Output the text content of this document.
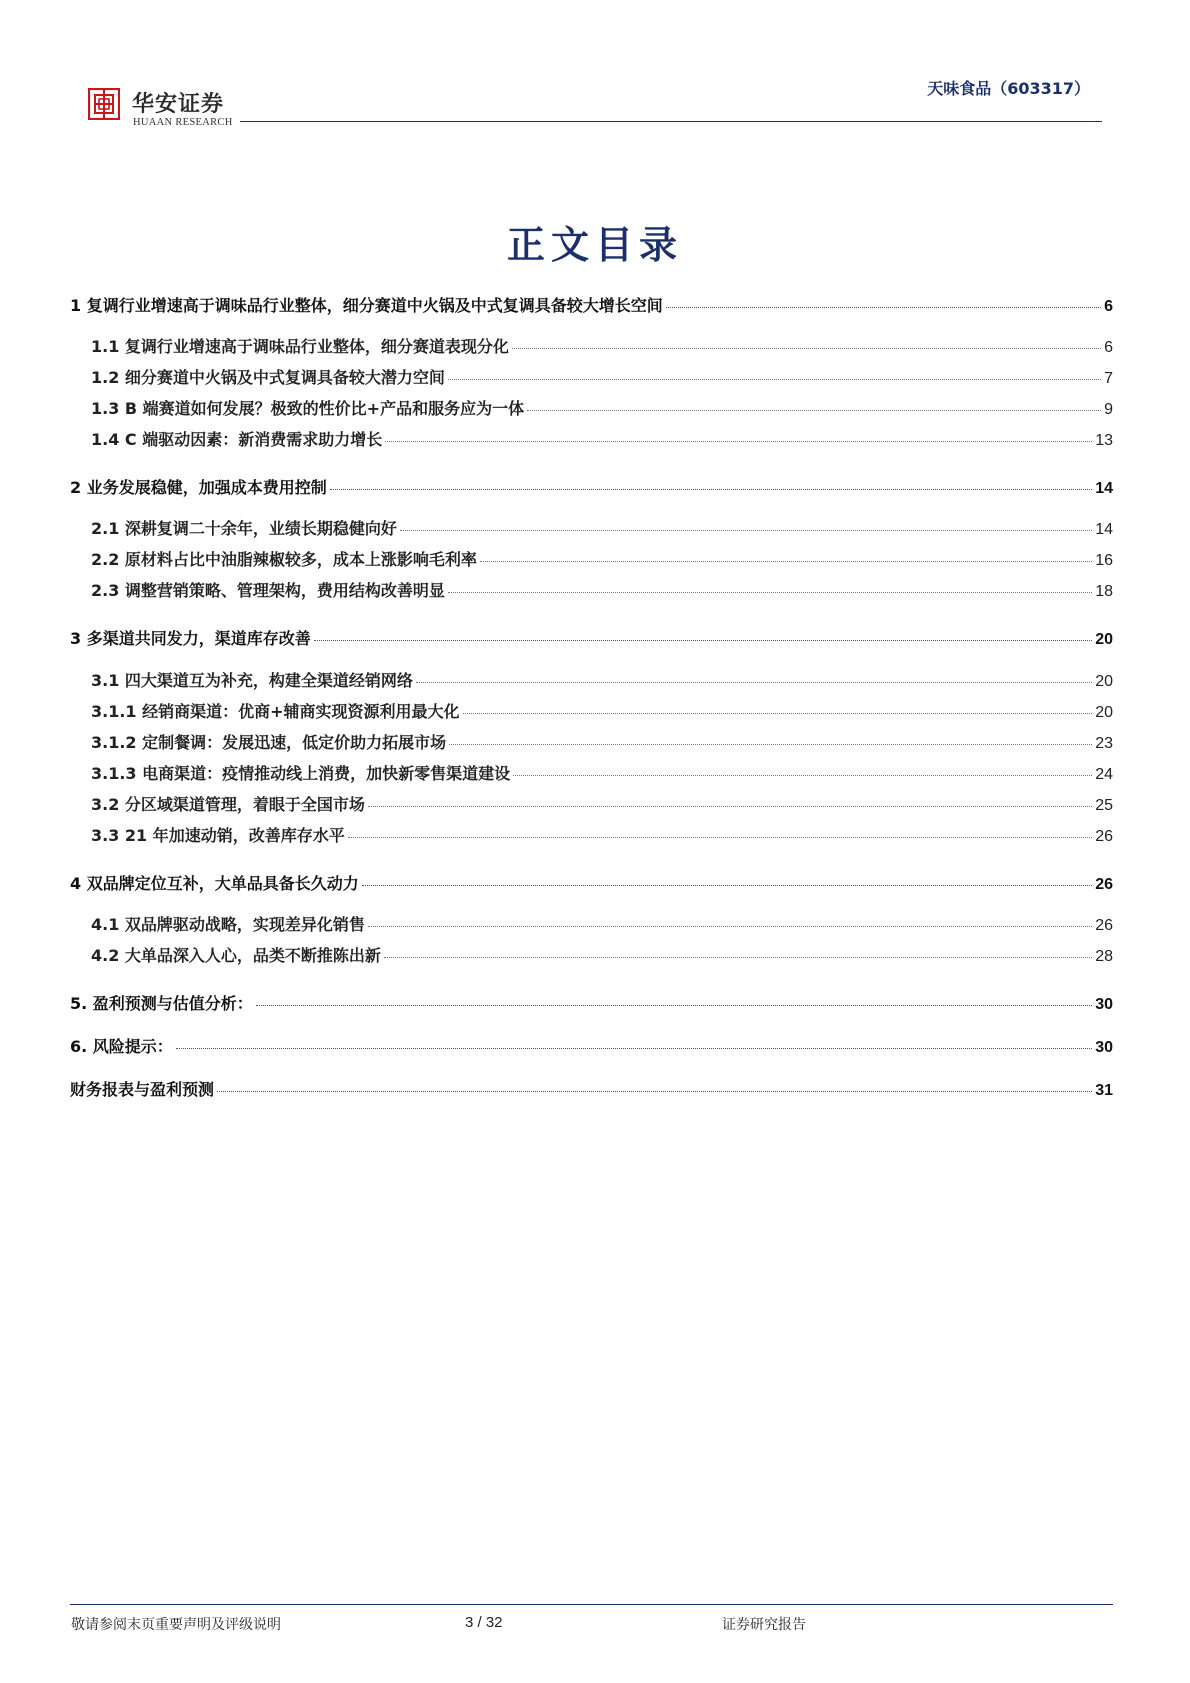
华安证券
HUAAN RESEARCH
天味食品（603317）
正文目录
1 复调行业增速高于调味品行业整体，细分赛道中火锅及中式复调具备较大增长空间	6
1.1 复调行业增速高于调味品行业整体，细分赛道表现分化	6
1.2 细分赛道中火锅及中式复调具备较大潜力空间	7
1.3 B 端赛道如何发展？极致的性价比+产品和服务应为一体	9
1.4 C 端驱动因素：新消费需求助力增长	13
2 业务发展稳健，加强成本费用控制	14
2.1 深耕复调二十余年，业绩长期稳健向好	14
2.2 原材料占比中油脂辣椒较多，成本上涨影响毛利率	16
2.3 调整营销策略、管理架构，费用结构改善明显	18
3 多渠道共同发力，渠道库存改善	20
3.1 四大渠道互为补充，构建全渠道经销网络	20
3.1.1 经销商渠道：优商+辅商实现资源利用最大化	20
3.1.2 定制餐调：发展迅速，低定价助力拓展市场	23
3.1.3 电商渠道：疫情推动线上消费，加快新零售渠道建设	24
3.2 分区域渠道管理，着眼于全国市场	25
3.3 21 年加速动销，改善库存水平	26
4 双品牌定位互补，大单品具备长久动力	26
4.1 双品牌驱动战略，实现差异化销售	26
4.2 大单品深入人心，品类不断推陈出新	28
5. 盈利预测与估值分析：	30
6. 风险提示：	30
财务报表与盈利预测	31
敬请参阅末页重要声明及评级说明	3 / 32	证券研究报告
